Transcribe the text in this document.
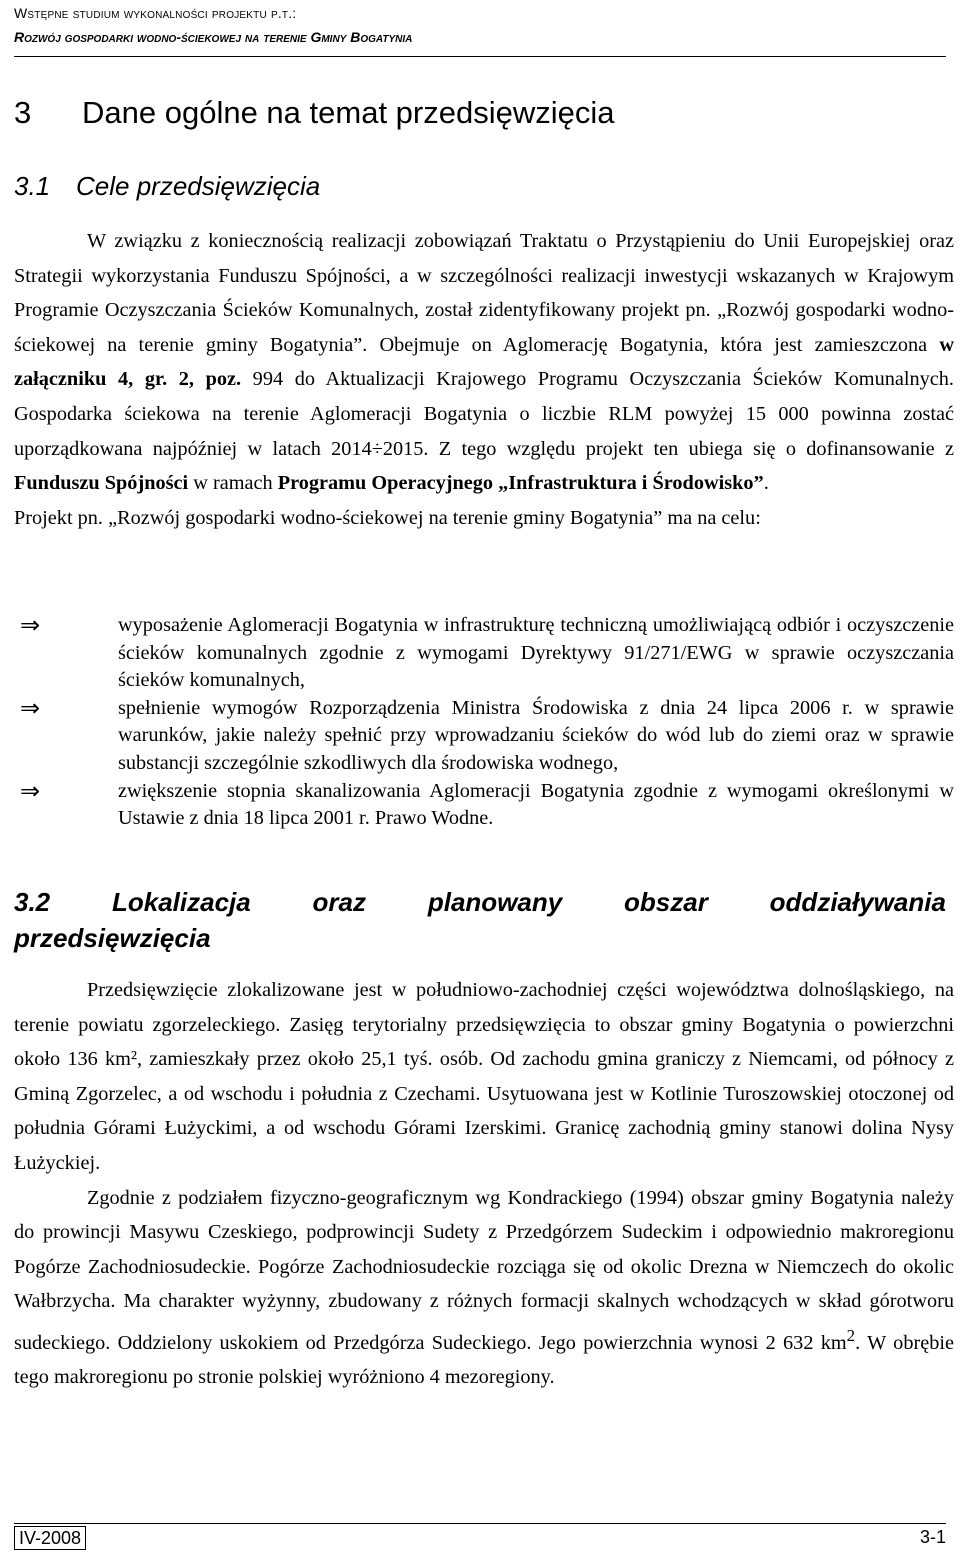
Wstępne studium wykonalności projektu p.t.:
Rozwój gospodarki wodno-ściekowej na terenie Gminy Bogatynia
3 Dane ogólne na temat przedsięwzięcia
3.1 Cele przedsięwzięcia

W związku z koniecznością realizacji zobowiązań Traktatu o Przystąpieniu do Unii Europejskiej oraz Strategii wykorzystania Funduszu Spójności, a w szczególności realizacji inwestycji wskazanych w Krajowym Programie Oczyszczania Ścieków Komunalnych, został zidentyfikowany projekt pn. „Rozwój gospodarki wodno-ściekowej na terenie gminy Bogatynia”. Obejmuje on Aglomerację Bogatynia, która jest zamieszczona w załączniku 4, gr. 2, poz. 994 do Aktualizacji Krajowego Programu Oczyszczania Ścieków Komunalnych. Gospodarka ściekowa na terenie Aglomeracji Bogatynia o liczbie RLM powyżej 15 000 powinna zostać uporządkowana najpóźniej w latach 2014÷2015. Z tego względu projekt ten ubiega się o dofinansowanie z Funduszu Spójności w ramach Programu Operacyjnego „Infrastruktura i Środowisko”.

Projekt pn. „Rozwój gospodarki wodno-ściekowej na terenie gminy Bogatynia” ma na celu:

⇒	wyposażenie Aglomeracji Bogatynia w infrastrukturę techniczną umożliwiającą odbiór i oczyszczenie ścieków komunalnych zgodnie z wymogami Dyrektywy 91/271/EWG w sprawie oczyszczania ścieków komunalnych,
⇒	spełnienie wymogów Rozporządzenia Ministra Środowiska z dnia 24 lipca 2006 r. w sprawie warunków, jakie należy spełnić przy wprowadzaniu ścieków do wód lub do ziemi oraz w sprawie substancji szczególnie szkodliwych dla środowiska wodnego,
⇒	zwiększenie stopnia skanalizowania Aglomeracji Bogatynia zgodnie z wymogami określonymi w Ustawie z dnia 18 lipca 2001 r. Prawo Wodne.
3.2 Lokalizacja oraz planowany obszar oddziaływania
przedsięwzięcia

Przedsięwzięcie zlokalizowane jest w południowo-zachodniej części województwa dolnośląskiego, na terenie powiatu zgorzeleckiego. Zasięg terytorialny przedsięwzięcia to obszar gminy Bogatynia o powierzchni około 136 km², zamieszkały przez około 25,1 tyś. osób. Od zachodu gmina graniczy z Niemcami, od północy z Gminą Zgorzelec, a od wschodu i południa z Czechami. Usytuowana jest w Kotlinie Turoszowskiej otoczonej od południa Górami Łużyckimi, a od wschodu Górami Izerskimi. Granicę zachodnią gminy stanowi dolina Nysy Łużyckiej.

Zgodnie z podziałem fizyczno-geograficznym wg Kondrackiego (1994) obszar gminy Bogatynia należy do prowincji Masywu Czeskiego, podprowincji Sudety z Przedgórzem Sudeckim i odpowiednio makroregionu Pogórze Zachodniosudeckie. Pogórze Zachodniosudeckie rozciąga się od okolic Drezna w Niemczech do okolic Wałbrzycha. Ma charakter wyżynny, zbudowany z różnych formacji skalnych wchodzących w skład górotworu sudeckiego. Oddzielony uskokiem od Przedgórza Sudeckiego. Jego powierzchnia wynosi 2 632 $km^2$. W obrębie tego makroregionu po stronie polskiej wyróżniono 4 mezoregiony.

IV-2008	3-1
